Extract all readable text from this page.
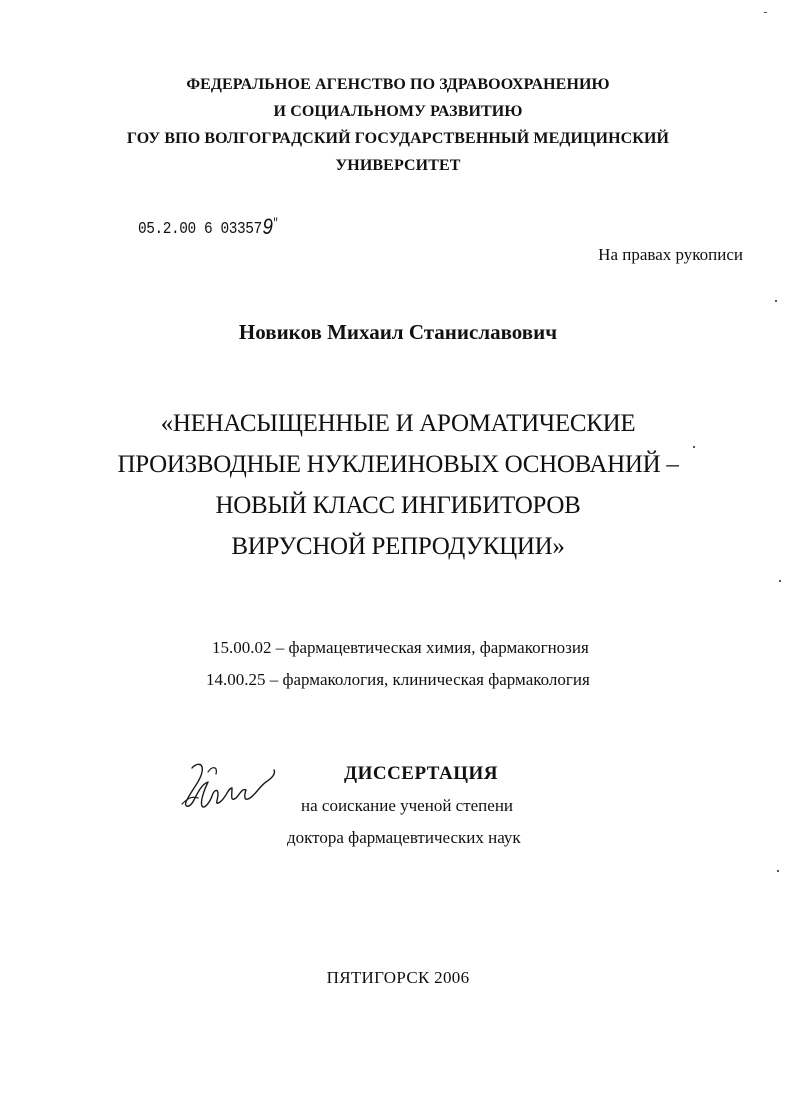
ФЕДЕРАЛЬНОЕ АГЕНСТВО ПО ЗДРАВООХРАНЕНИЮ
И СОЦИАЛЬНОМУ РАЗВИТИЮ
ГОУ ВПО ВОЛГОГРАДСКИЙ ГОСУДАРСТВЕННЫЙ МЕДИЦИНСКИЙ
УНИВЕРСИТЕТ
05.2.00 6 033579"
На правах рукописи
Новиков Михаил Станиславович
«НЕНАСЫЩЕННЫЕ И АРОМАТИЧЕСКИЕ
ПРОИЗВОДНЫЕ НУКЛЕИНОВЫХ ОСНОВАНИЙ –
НОВЫЙ КЛАСС ИНГИБИТОРОВ
ВИРУСНОЙ РЕПРОДУКЦИИ»
15.00.02 – фармацевтическая химия, фармакогнозия
14.00.25 – фармакология, клиническая фармакология
ДИССЕРТАЦИЯ
на соискание ученой степени
доктора фармацевтических наук
ПЯТИГОРСК 2006
